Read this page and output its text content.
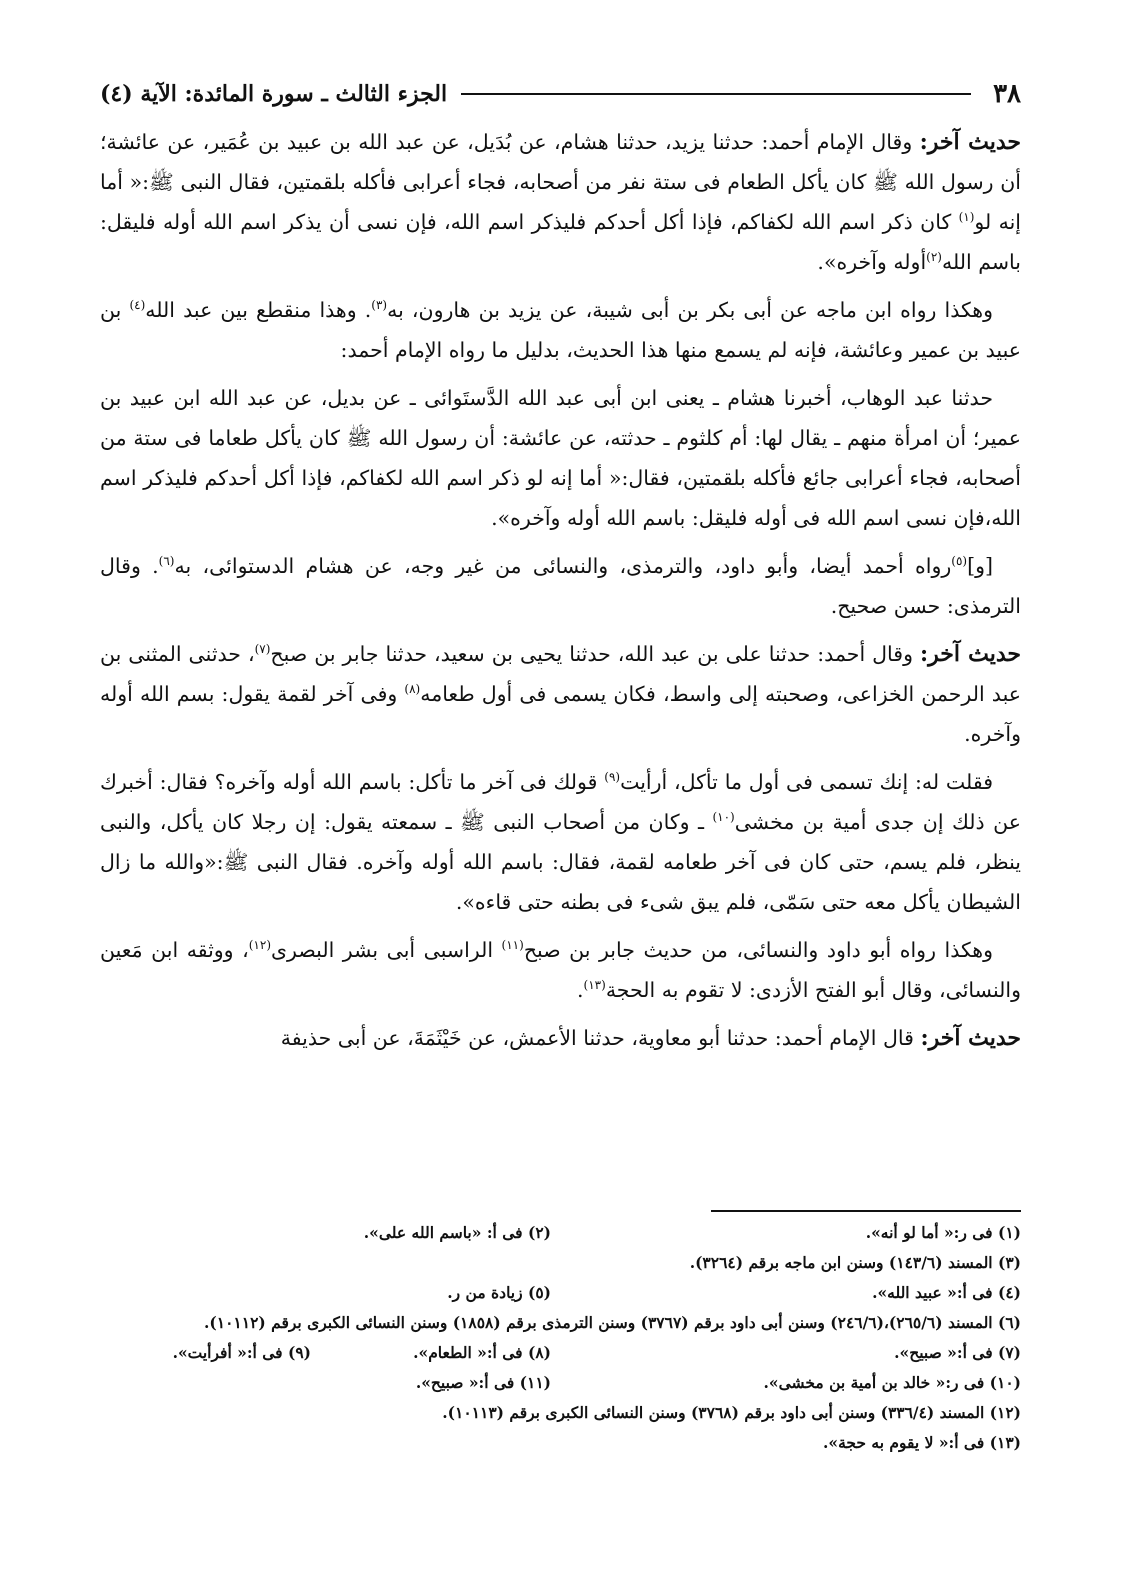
٣٨
الجزء الثالث ـ سورة المائدة: الآية (٤)

حديث آخر: وقال الإمام أحمد: حدثنا يزيد، حدثنا هشام، عن بُدَيل، عن عبد الله بن عبيد بن عُمَير، عن عائشة؛ أن رسول الله ﷺ كان يأكل الطعام فى ستة نفر من أصحابه، فجاء أعرابى فأكله بلقمتين، فقال النبى ﷺ:« أما إنه لو$^{(١)}$ كان ذكر اسم الله لكفاكم، فإذا أكل أحدكم فليذكر اسم الله، فإن نسى أن يذكر اسم الله أوله فليقل: باسم الله$^{(٢)}$أوله وآخره».

وهكذا رواه ابن ماجه عن أبى بكر بن أبى شيبة، عن يزيد بن هارون، به$^{(٣)}$. وهذا منقطع بين عبد الله$^{(٤)}$ بن عبيد بن عمير وعائشة، فإنه لم يسمع منها هذا الحديث، بدليل ما رواه الإمام أحمد:

حدثنا عبد الوهاب، أخبرنا هشام ـ يعنى ابن أبى عبد الله الدَّستَوائى ـ عن بديل، عن عبد الله ابن عبيد بن عمير؛ أن امرأة منهم ـ يقال لها: أم كلثوم ـ حدثته، عن عائشة: أن رسول الله ﷺ كان يأكل طعاما فى ستة من أصحابه، فجاء أعرابى جائع فأكله بلقمتين، فقال:« أما إنه لو ذكر اسم الله لكفاكم، فإذا أكل أحدكم فليذكر اسم الله،فإن نسى اسم الله فى أوله فليقل: باسم الله أوله وآخره».

[و]$^{(٥)}$رواه أحمد أيضا، وأبو داود، والترمذى، والنسائى من غير وجه، عن هشام الدستوائى، به$^{(٦)}$. وقال الترمذى: حسن صحيح.

حديث آخر: وقال أحمد: حدثنا على بن عبد الله، حدثنا يحيى بن سعيد، حدثنا جابر بن صبح$^{(٧)}$، حدثنى المثنى بن عبد الرحمن الخزاعى، وصحبته إلى واسط، فكان يسمى فى أول طعامه$^{(٨)}$ وفى آخر لقمة يقول: بسم الله أوله وآخره.

فقلت له: إنك تسمى فى أول ما تأكل، أرأيت$^{(٩)}$ قولك فى آخر ما تأكل: باسم الله أوله وآخره؟ فقال: أخبرك عن ذلك إن جدى أمية بن مخشى$^{(١٠)}$ ـ وكان من أصحاب النبى ﷺ ـ سمعته يقول: إن رجلا كان يأكل، والنبى ينظر، فلم يسم، حتى كان فى آخر طعامه لقمة، فقال: باسم الله أوله وآخره. فقال النبى ﷺ:«والله ما زال الشيطان يأكل معه حتى سَمّى، فلم يبق شىء فى بطنه حتى قاءه».

وهكذا رواه أبو داود والنسائى، من حديث جابر بن صبح$^{(١١)}$ الراسبى أبى بشر البصرى$^{(١٢)}$، ووثقه ابن مَعين والنسائى، وقال أبو الفتح الأزدى: لا تقوم به الحجة$^{(١٣)}$.

حديث آخر: قال الإمام أحمد: حدثنا أبو معاوية، حدثنا الأعمش، عن خَيْثَمَةَ، عن أبى حذيفة

(١) فى ر:« أما لو أنه».
(٢) فى أ: «باسم الله على».
(٣) المسند (١٤٣/٦) وسنن ابن ماجه برقم (٣٢٦٤).
(٤) فى أ:« عبيد الله».
(٥) زيادة من ر.
(٦) المسند (٢٦٥/٦)،(٢٤٦/٦) وسنن أبى داود برقم (٣٧٦٧) وسنن الترمذى برقم (١٨٥٨) وسنن النسائى الكبرى برقم (١٠١١٢).
(٧) فى أ:« صبيح».
(٨) فى أ:« الطعام».
(٩) فى أ:« أفرأيت».
(١٠) فى ر:« خالد بن أمية بن مخشى».
(١١) فى أ:« صبيح».
(١٢) المسند (٣٣٦/٤) وسنن أبى داود برقم (٣٧٦٨) وسنن النسائى الكبرى برقم (١٠١١٣).
(١٣) فى أ:« لا يقوم به حجة».
